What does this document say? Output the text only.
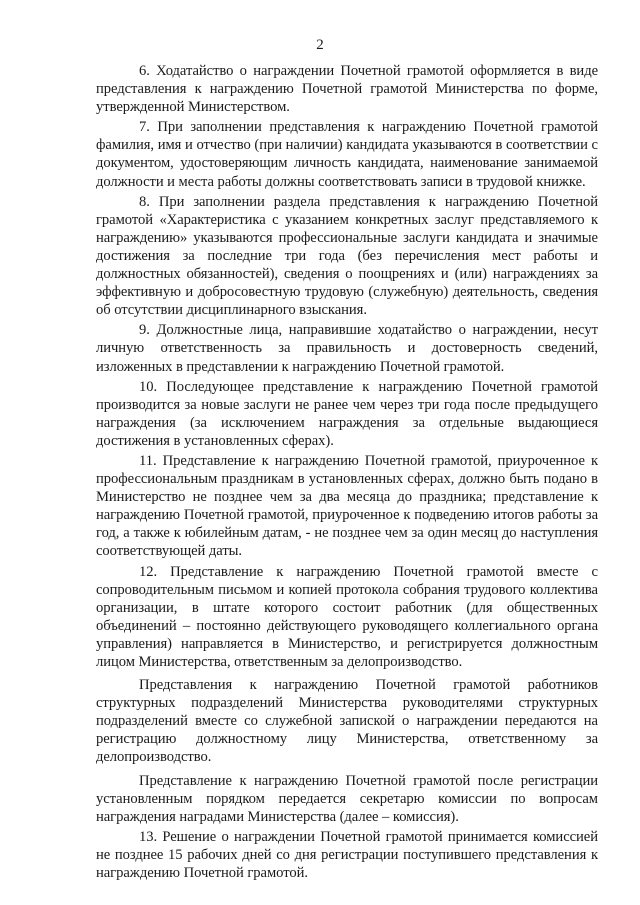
2

6. Ходатайство о награждении Почетной грамотой оформляется в виде представления к награждению Почетной грамотой Министерства по форме, утвержденной Министерством.

7. При заполнении представления к награждению Почетной грамотой фамилия, имя и отчество (при наличии) кандидата указываются в соответствии с документом, удостоверяющим личность кандидата, наименование занимаемой должности и места работы должны соответствовать записи в трудовой книжке.

8. При заполнении раздела представления к награждению Почетной грамотой «Характеристика с указанием конкретных заслуг представляемого к награждению» указываются профессиональные заслуги кандидата и значимые достижения за последние три года (без перечисления мест работы и должностных обязанностей), сведения о поощрениях и (или) награждениях за эффективную и добросовестную трудовую (служебную) деятельность, сведения об отсутствии дисциплинарного взыскания.

9. Должностные лица, направившие ходатайство о награждении, несут личную ответственность за правильность и достоверность сведений, изложенных в представлении к награждению Почетной грамотой.

10. Последующее представление к награждению Почетной грамотой производится за новые заслуги не ранее чем через три года после предыдущего награждения (за исключением награждения за отдельные выдающиеся достижения в установленных сферах).

11. Представление к награждению Почетной грамотой, приуроченное к профессиональным праздникам в установленных сферах, должно быть подано в Министерство не позднее чем за два месяца до праздника; представление к награждению Почетной грамотой, приуроченное к подведению итогов работы за год, а также к юбилейным датам, - не позднее чем за один месяц до наступления соответствующей даты.

12. Представление к награждению Почетной грамотой вместе с сопроводительным письмом и копией протокола собрания трудового коллектива организации, в штате которого состоит работник (для общественных объединений – постоянно действующего руководящего коллегиального органа управления) направляется в Министерство, и регистрируется должностным лицом Министерства, ответственным за делопроизводство.

Представления к награждению Почетной грамотой работников структурных подразделений Министерства руководителями структурных подразделений вместе со служебной запиской о награждении передаются на регистрацию должностному лицу Министерства, ответственному за делопроизводство.

Представление к награждению Почетной грамотой после регистрации установленным порядком передается секретарю комиссии по вопросам награждения наградами Министерства (далее – комиссия).

13. Решение о награждении Почетной грамотой принимается комиссией не позднее 15 рабочих дней со дня регистрации поступившего представления к награждению Почетной грамотой.
